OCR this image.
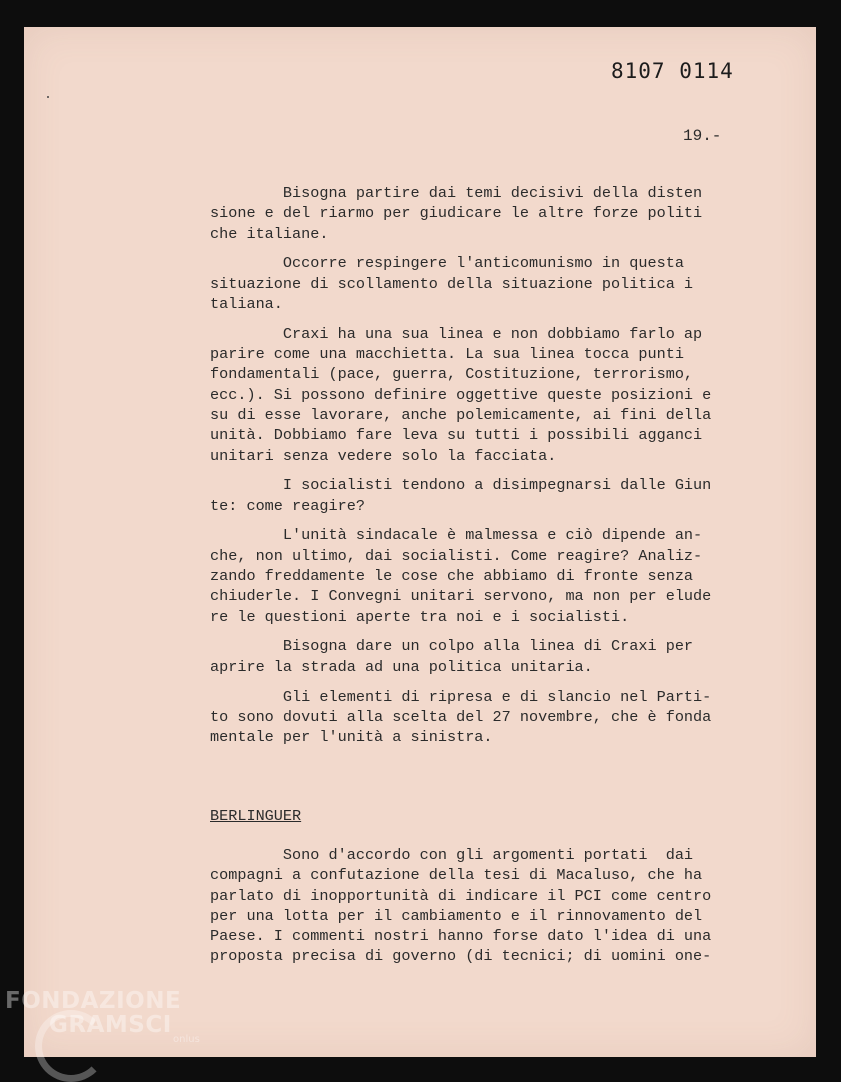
8107 0114
19.-
Bisogna partire dai temi decisivi della disten
sione e del riarmo per giudicare le altre forze politi
che italiane.
Occorre respingere l'anticomunismo in questa
situazione di scollamento della situazione politica i
taliana.
Craxi ha una sua linea e non dobbiamo farlo ap
parire come una macchietta. La sua linea tocca punti
fondamentali (pace, guerra, Costituzione, terrorismo,
ecc.). Si possono definire oggettive queste posizioni e
su di esse lavorare, anche polemicamente, ai fini della
unità. Dobbiamo fare leva su tutti i possibili agganci
unitari senza vedere solo la facciata.
I socialisti tendono a disimpegnarsi dalle Giun
te: come reagire?
L'unità sindacale è malmessa e ciò dipende an-
che, non ultimo, dai socialisti. Come reagire? Analiz-
zando freddamente le cose che abbiamo di fronte senza
chiuderle. I Convegni unitari servono, ma non per elude
re le questioni aperte tra noi e i socialisti.
Bisogna dare un colpo alla linea di Craxi per
aprire la strada ad una politica unitaria.
Gli elementi di ripresa e di slancio nel Parti-
to sono dovuti alla scelta del 27 novembre, che è fonda
mentale per l'unità a sinistra.
BERLINGUER
Sono d'accordo con gli argomenti portati  dai
compagni a confutazione della tesi di Macaluso, che ha
parlato di inopportunità di indicare il PCI come centro
per una lotta per il cambiamento e il rinnovamento del
Paese. I commenti nostri hanno forse dato l'idea di una
proposta precisa di governo (di tecnici; di uomini one-
FONDAZIONE
GRAMSCI
onlus
